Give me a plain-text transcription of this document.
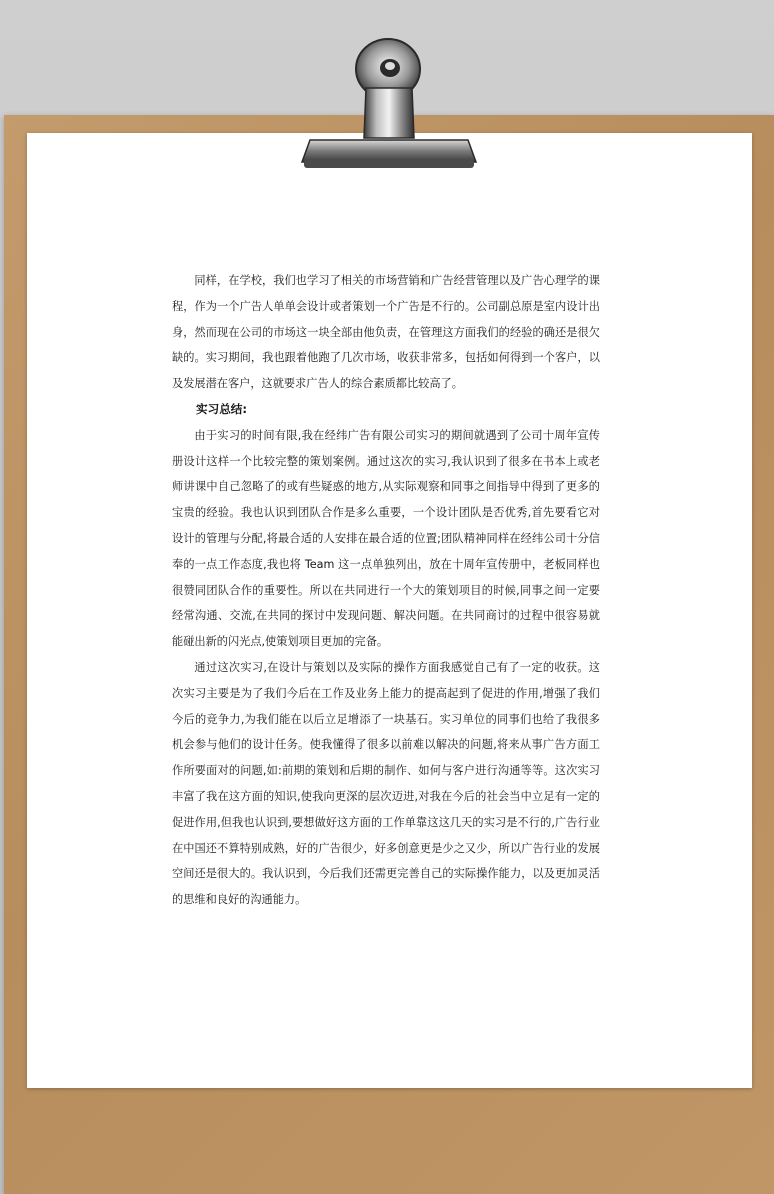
同样，在学校，我们也学习了相关的市场营销和广告经营管理以及广告心理学的课程，作为一个广告人单单会设计或者策划一个广告是不行的。公司副总原是室内设计出身，然而现在公司的市场这一块全部由他负责，在管理这方面我们的经验的确还是很欠缺的。实习期间，我也跟着他跑了几次市场，收获非常多，包括如何得到一个客户，以及发展潜在客户，这就要求广告人的综合素质都比较高了。

实习总结:

由于实习的时间有限,我在经纬广告有限公司实习的期间就遇到了公司十周年宣传册设计这样一个比较完整的策划案例。通过这次的实习,我认识到了很多在书本上或老师讲课中自己忽略了的或有些疑惑的地方,从实际观察和同事之间指导中得到了更多的宝贵的经验。我也认识到团队合作是多么重要，一个设计团队是否优秀,首先要看它对设计的管理与分配,将最合适的人安排在最合适的位置;团队精神同样在经纬公司十分信奉的一点工作态度,我也将 Team 这一点单独列出，放在十周年宣传册中，老板同样也很赞同团队合作的重要性。所以在共同进行一个大的策划项目的时候,同事之间一定要经常沟通、交流,在共同的探讨中发现问题、解决问题。在共同商讨的过程中很容易就能碰出新的闪光点,使策划项目更加的完备。

通过这次实习,在设计与策划以及实际的操作方面我感觉自己有了一定的收获。这次实习主要是为了我们今后在工作及业务上能力的提高起到了促进的作用,增强了我们今后的竞争力,为我们能在以后立足增添了一块基石。实习单位的同事们也给了我很多机会参与他们的设计任务。使我懂得了很多以前难以解决的问题,将来从事广告方面工作所要面对的问题,如:前期的策划和后期的制作、如何与客户进行沟通等等。这次实习丰富了我在这方面的知识,使我向更深的层次迈进,对我在今后的社会当中立足有一定的促进作用,但我也认识到,要想做好这方面的工作单靠这这几天的实习是不行的,广告行业在中国还不算特别成熟，好的广告很少，好多创意更是少之又少，所以广告行业的发展空间还是很大的。我认识到，今后我们还需更完善自己的实际操作能力，以及更加灵活的思维和良好的沟通能力。
